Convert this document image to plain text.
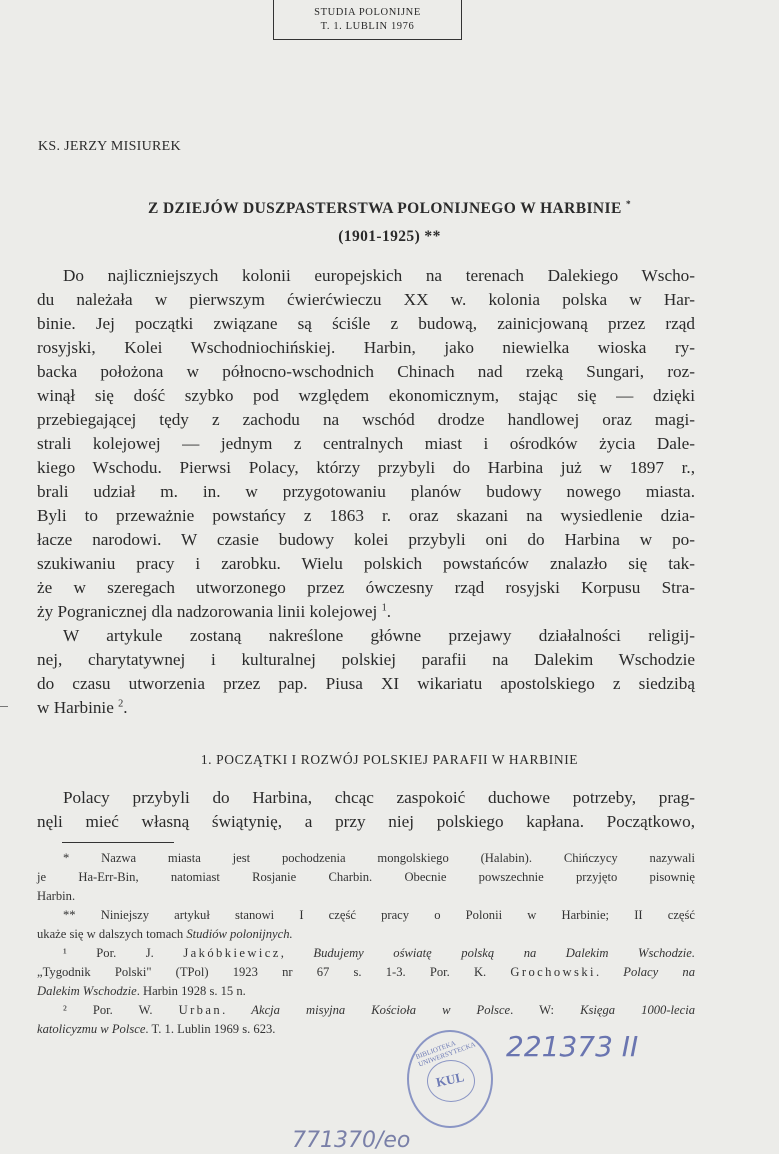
STUDIA POLONIJNE
T. 1. LUBLIN 1976
KS. JERZY MISIUREK
Z DZIEJÓW DUSZPASTERSTWA POLONIJNEGO W HARBINIE *
(1901-1925) **
Do najliczniejszych kolonii europejskich na terenach Dalekiego Wscho-
du należała w pierwszym ćwierćwieczu XX w. kolonia polska w Har-
binie. Jej początki związane są ściśle z budową, zainicjowaną przez rząd
rosyjski, Kolei Wschodniochińskiej. Harbin, jako niewielka wioska ry-
backa położona w północno-wschodnich Chinach nad rzeką Sungari, roz-
winął się dość szybko pod względem ekonomicznym, stając się — dzięki
przebiegającej tędy z zachodu na wschód drodze handlowej oraz magi-
strali kolejowej — jednym z centralnych miast i ośrodków życia Dale-
kiego Wschodu. Pierwsi Polacy, którzy przybyli do Harbina już w 1897 r.,
brali udział m. in. w przygotowaniu planów budowy nowego miasta.
Byli to przeważnie powstańcy z 1863 r. oraz skazani na wysiedlenie dzia-
łacze narodowi. W czasie budowy kolei przybyli oni do Harbina w po-
szukiwaniu pracy i zarobku. Wielu polskich powstańców znalazło się tak-
że w szeregach utworzonego przez ówczesny rząd rosyjski Korpusu Stra-
ży Pogranicznej dla nadzorowania linii kolejowej $^1$.
W artykule zostaną nakreślone główne przejawy działalności religij-
nej, charytatywnej i kulturalnej polskiej parafii na Dalekim Wschodzie
do czasu utworzenia przez pap. Piusa XI wikariatu apostolskiego z siedzibą
w Harbinie $^2$.
1. POCZĄTKI I ROZWÓJ POLSKIEJ PARAFII W HARBINIE
Polacy przybyli do Harbina, chcąc zaspokoić duchowe potrzeby, prag-
nęli mieć własną świątynię, a przy niej polskiego kapłana. Początkowo,
* Nazwa miasta jest pochodzenia mongolskiego (Halabin). Chińczycy nazywali
je Ha-Err-Bin, natomiast Rosjanie Charbin. Obecnie powszechnie przyjęto pisownię
Harbin.
** Niniejszy artykuł stanowi I część pracy o Polonii w Harbinie; II część
ukaże się w dalszych tomach Studiów polonijnych.
¹ Por. J. Jakóbkiewicz, Budujemy oświatę polską na Dalekim Wschodzie.
„Tygodnik Polski" (TPol) 1923 nr 67 s. 1-3. Por. K. Grochowski. Polacy na
Dalekim Wschodzie. Harbin 1928 s. 15 n.
² Por. W. Urban. Akcja misyjna Kościoła w Polsce. W: Księga 1000-lecia
katolicyzmu w Polsce. T. 1. Lublin 1969 s. 623.
BIBLIOTEKA UNIWERSYTECKA
KUL
221373 II
771370/eo
